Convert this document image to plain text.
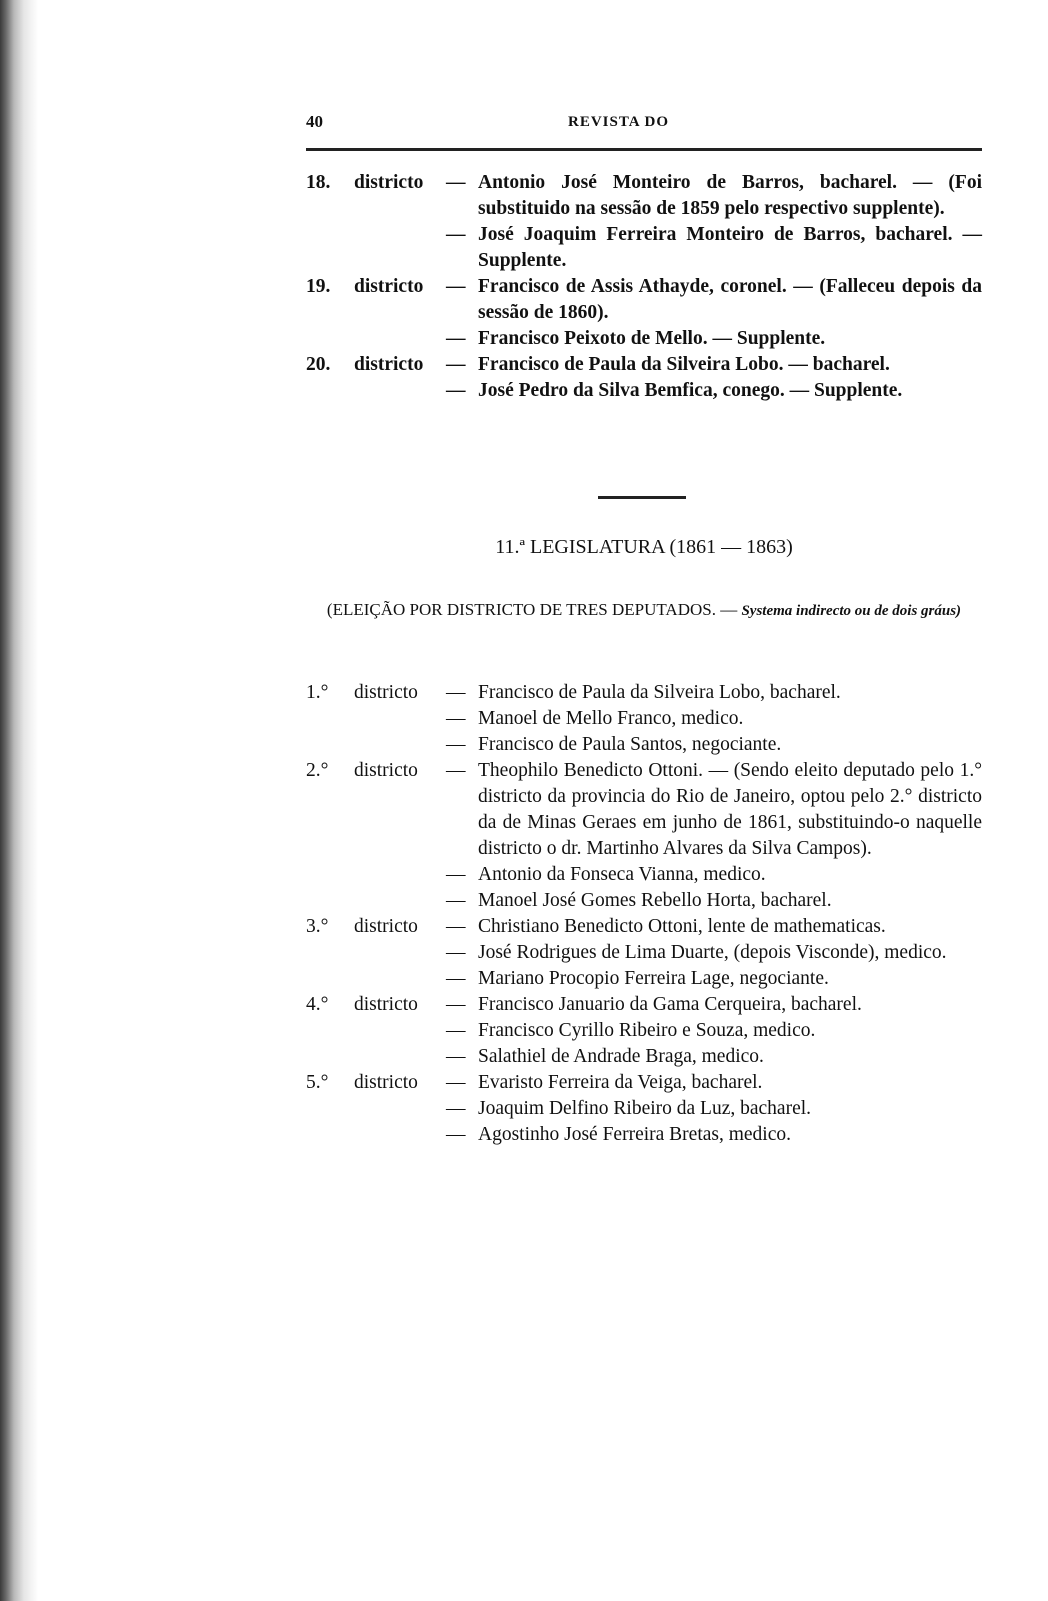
40	REVISTA DO
18. districto — Antonio José Monteiro de Barros, bacharel. — (Foi substituido na sessão de 1859 pelo respectivo supplente).
— José Joaquim Ferreira Monteiro de Barros, bacharel. — Supplente.
19. districto — Francisco de Assis Athayde, coronel. — (Falleceu depois da sessão de 1860).
— Francisco Peixoto de Mello. — Supplente.
20. districto — Francisco de Paula da Silveira Lobo. — bacharel.
— José Pedro da Silva Bemfica, conego. — Supplente.
11.ª LEGISLATURA (1861 — 1863)
(ELEIÇÃO POR DISTRICTO DE TRES DEPUTADOS. — Systema indirecto ou de dois gráus)
1.° districto — Francisco de Paula da Silveira Lobo, bacharel.
— Manoel de Mello Franco, medico.
— Francisco de Paula Santos, negociante.
2.° districto — Theophilo Benedicto Ottoni. — (Sendo eleito deputado pelo 1.° districto da provincia do Rio de Janeiro, optou pelo 2.° districto da de Minas Geraes em junho de 1861, substituindo-o naquelle districto o dr. Martinho Alvares da Silva Campos).
— Antonio da Fonseca Vianna, medico.
— Manoel José Gomes Rebello Horta, bacharel.
3.° districto — Christiano Benedicto Ottoni, lente de mathematicas.
— José Rodrigues de Lima Duarte, (depois Visconde), medico.
— Mariano Procopio Ferreira Lage, negociante.
4.° districto — Francisco Januario da Gama Cerqueira, bacharel.
— Francisco Cyrillo Ribeiro e Souza, medico.
— Salathiel de Andrade Braga, medico.
5.° districto — Evaristo Ferreira da Veiga, bacharel.
— Joaquim Delfino Ribeiro da Luz, bacharel.
— Agostinho José Ferreira Bretas, medico.
